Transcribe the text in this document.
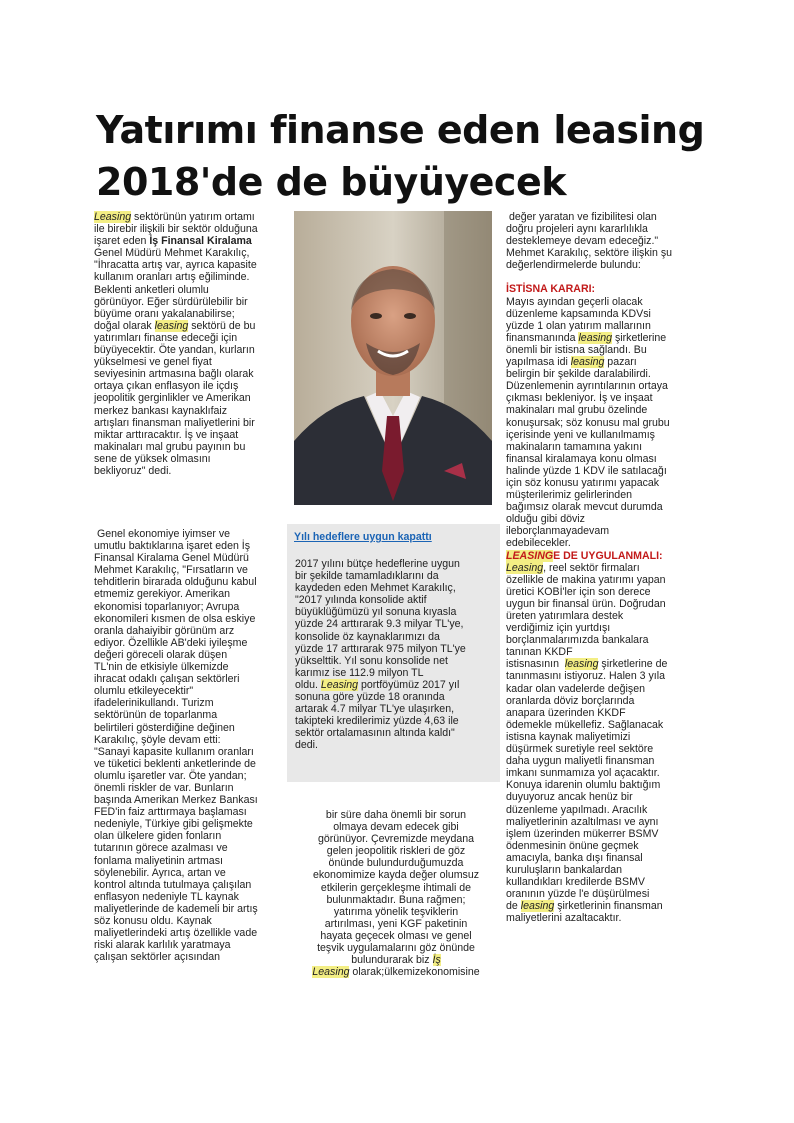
Yatırımı finanse eden leasing
2018'de de büyüyecek

Leasing sektörünün yatırım ortamı
ile birebir ilişkili bir sektör olduğuna
işaret eden İş Finansal Kiralama
Genel Müdürü Mehmet Karakılıç,
"İhracatta artış var, ayrıca kapasite
kullanım oranları artış eğiliminde.
Beklenti anketleri olumlu
görünüyor. Eğer sürdürülebilir bir
büyüme oranı yakalanabilirse;
doğal olarak leasing sektörü de bu
yatırımları finanse edeceği için
büyüyecektir. Öte yandan, kurların
yükselmesi ve genel fiyat
seviyesinin artmasına bağlı olarak
ortaya çıkan enflasyon ile içdış
jeopolitik gerginlikler ve Amerikan
merkez bankası kaynaklıfaiz
artışları finansman maliyetlerini bir
miktar arttıracaktır. İş ve inşaat
makinaları mal grubu payının bu
sene de yüksek olmasını
bekliyoruz" dedi.

Genel ekonomiye iyimser ve
umutlu baktıklarına işaret eden İş
Finansal Kiralama Genel Müdürü
Mehmet Karakılıç, "Fırsatların ve
tehditlerin birarada olduğunu kabul
etmemiz gerekiyor. Amerikan
ekonomisi toparlanıyor; Avrupa
ekonomileri kısmen de olsa eskiye
oranla dahaiyibir görünüm arz
ediyor. Özellikle AB'deki iyileşme
değeri göreceli olarak düşen
TL'nin de etkisiyle ülkemizde
ihracat odaklı çalışan sektörleri
olumlu etkileyecektir"
ifadelerinikullandı. Turizm
sektörünün de toparlanma
belirtileri gösterdiğine değinen
Karakılıç, şöyle devam etti:
"Sanayi kapasite kullanım oranları
ve tüketici beklenti anketlerinde de
olumlu işaretler var. Öte yandan;
önemli riskler de var. Bunların
başında Amerikan Merkez Bankası
FED'in faiz arttırmaya başlaması
nedeniyle, Türkiye gibi gelişmekte
olan ülkelere giden fonların
tutarının görece azalması ve
fonlama maliyetinin artması
söylenebilir. Ayrıca, artan ve
kontrol altında tutulmaya çalışılan
enflasyon nedeniyle TL kaynak
maliyetlerinde de kademeli bir artış
söz konusu oldu. Kaynak
maliyetlerindeki artış özellikle vade
riski alarak karlılık yaratmaya
çalışan sektörler açısından

Yılı hedeflere uygun kapattı

2017 yılını bütçe hedeflerine uygun
bir şekilde tamamladıklarını da
kaydeden eden Mehmet Karakılıç,
"2017 yılında konsolide aktif
büyüklüğümüzü yıl sonuna kıyasla
yüzde 24 arttırarak 9.3 milyar TL'ye,
konsolide öz kaynaklarımızı da
yüzde 17 arttırarak 975 milyon TL'ye
yükselttik. Yıl sonu konsolide net
karımız ise 112.9 milyon TL
oldu. Leasing portföyümüz 2017 yıl
sonuna göre yüzde 18 oranında
artarak 4.7 milyar TL'ye ulaşırken,
takipteki kredilerimiz yüzde 4,63 ile
sektör ortalamasının altında kaldı"
dedi.

bir süre daha önemli bir sorun
olmaya devam edecek gibi
görünüyor. Çevremizde meydana
gelen jeopolitik riskleri de göz
önünde bulundurduğumuzda
ekonomimize kayda değer olumsuz
etkilerin gerçekleşme ihtimali de
bulunmaktadır. Buna rağmen;
yatırıma yönelik teşviklerin
artırılması, yeni KGF paketinin
hayata geçecek olması ve genel
teşvik uygulamalarını göz önünde
bulundurarak biz İş
Leasing olarak;ülkemizekonomisine

değer yaratan ve fizibilitesi olan
doğru projeleri aynı kararlılıkla
desteklemeye devam edeceğiz."
Mehmet Karakılıç, sektöre ilişkin şu
değerlendirmelerde bulundu:

İSTİSNA KARARI:

Mayıs ayından geçerli olacak
düzenleme kapsamında KDVsi
yüzde 1 olan yatırım mallarının
finansmanında leasing şirketlerine
önemli bir istisna sağlandı. Bu
yapılmasa idi leasing pazarı
belirgin bir şekilde daralabilirdi.
Düzenlemenin ayrıntılarının ortaya
çıkması bekleniyor. İş ve inşaat
makinaları mal grubu özelinde
konuşursak; söz konusu mal grubu
içerisinde yeni ve kullanılmamış
makinaların tamamına yakını
finansal kiralamaya konu olması
halinde yüzde 1 KDV ile satılacağı
için söz konusu yatırımı yapacak
müşterilerimiz gelirlerinden
bağımsız olarak mevcut durumda
olduğu gibi döviz
ileborçlanmayadevam
edebilecekler.

LEASINGE DE UYGULANMALI:

Leasing, reel sektör firmaları
özellikle de makina yatırımı yapan
üretici KOBİ'ler için son derece
uygun bir finansal ürün. Doğrudan
üreten yatırımlara destek
verdiğimiz için yurtdışı
borçlanmalarımızda bankalara
tanınan KKDF
istisnasının  leasing şirketlerine de
tanınmasını istiyoruz. Halen 3 yıla
kadar olan vadelerde değişen
oranlarda döviz borçlarında
anapara üzerinden KKDF
ödemekle mükellefiz. Sağlanacak
istisna kaynak maliyetimizi
düşürmek suretiyle reel sektöre
daha uygun maliyetli finansman
imkanı sunmamıza yol açacaktır.
Konuya idarenin olumlu baktığım
duyuyoruz ancak henüz bir
düzenleme yapılmadı. Aracılık
maliyetlerinin azaltılması ve aynı
işlem üzerinden mükerrer BSMV
ödenmesinin önüne geçmek
amacıyla, banka dışı finansal
kuruluşların bankalardan
kullandıkları kredilerde BSMV
oranının yüzde l'e düşürülmesi
de leasing şirketlerinin finansman
maliyetlerini azaltacaktır.
